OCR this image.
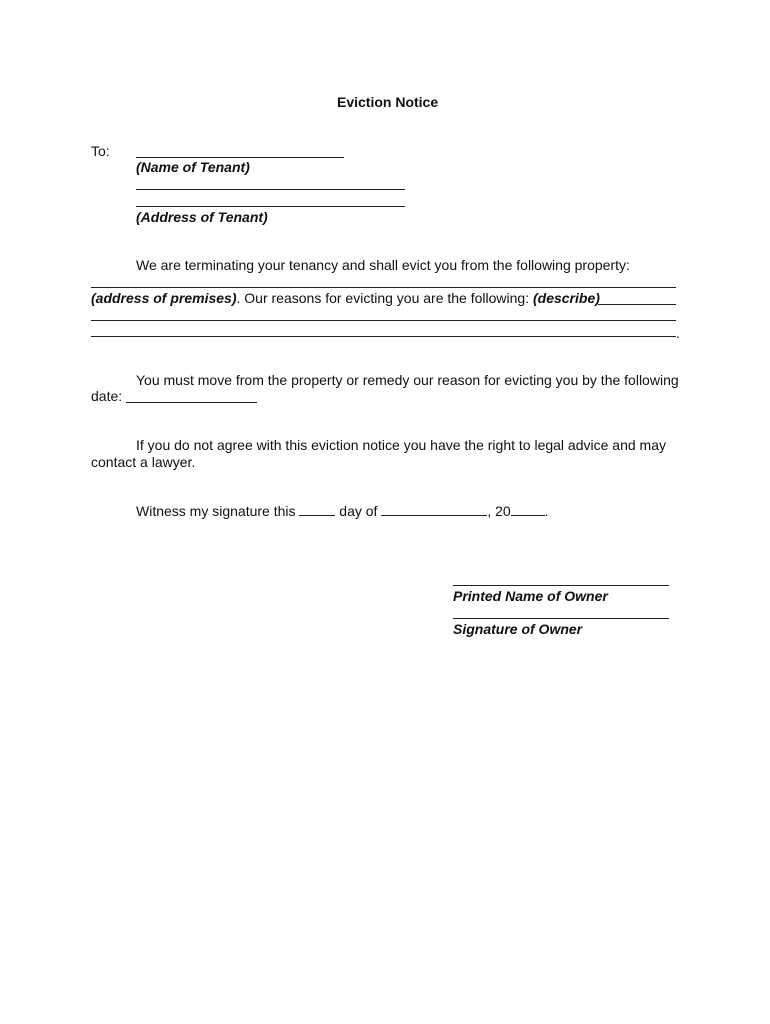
Eviction Notice
To:
(Name of Tenant)
(Address of Tenant)
We are terminating your tenancy and shall evict you from the following property:
(address of premises). Our reasons for evicting you are the following: (describe)
.
You must move from the property or remedy our reason for evicting you by the following
date:
If you do not agree with this eviction notice you have the right to legal advice and may
contact a lawyer.
Witness my signature this	day of	, 20 .
Printed Name of Owner
Signature of Owner
